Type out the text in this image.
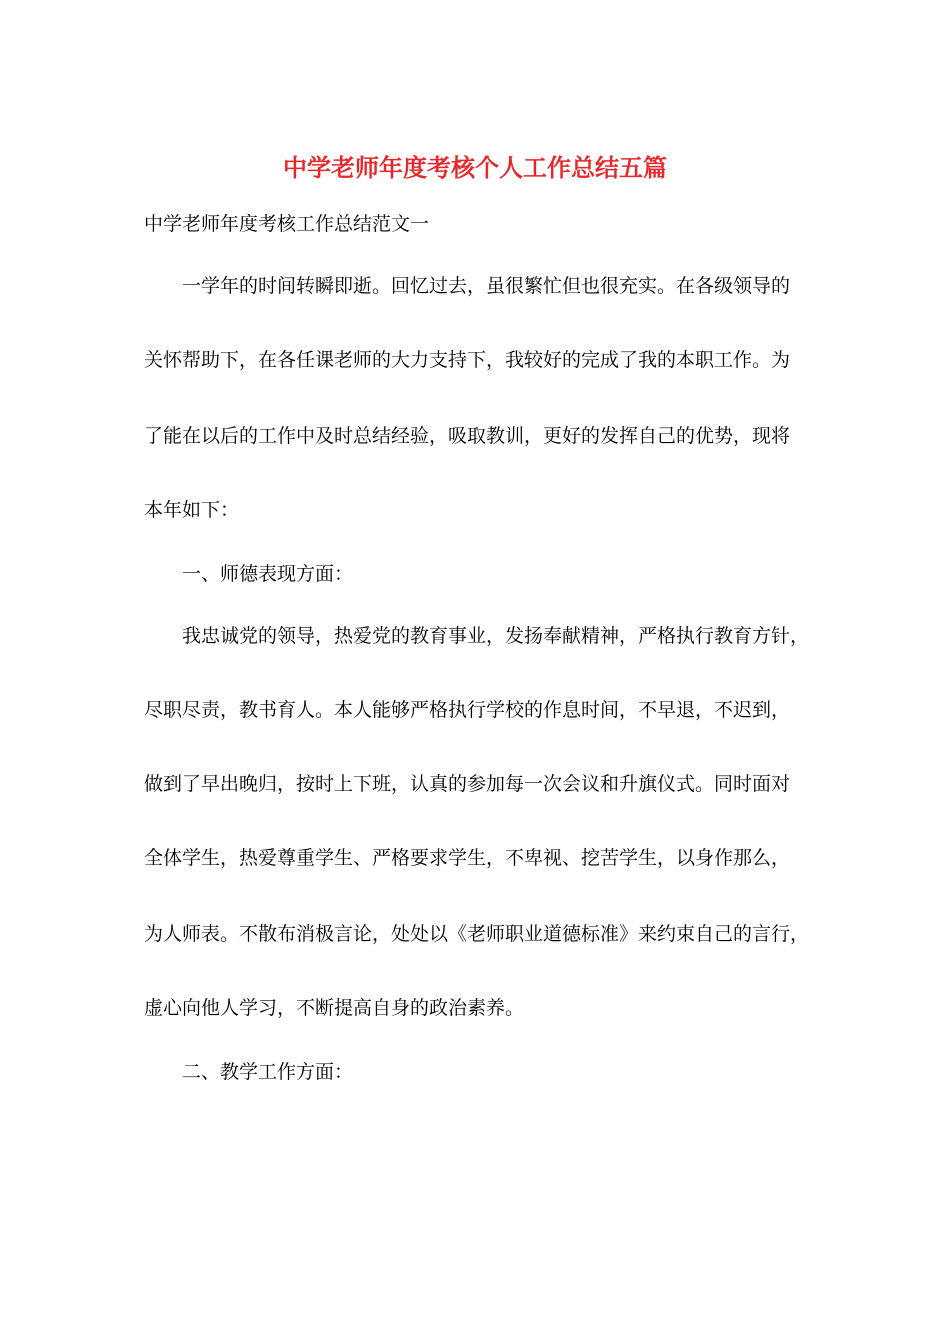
中学老师年度考核个人工作总结五篇
中学老师年度考核工作总结范文一
一学年的时间转瞬即逝。回忆过去，虽很繁忙但也很充实。在各级领导的
关怀帮助下，在各任课老师的大力支持下，我较好的完成了我的本职工作。为
了能在以后的工作中及时总结经验，吸取教训，更好的发挥自己的优势，现将
本年如下：
一、师德表现方面：
我忠诚党的领导，热爱党的教育事业，发扬奉献精神，严格执行教育方针，
尽职尽责，教书育人。本人能够严格执行学校的作息时间，不早退，不迟到，
做到了早出晚归，按时上下班，认真的参加每一次会议和升旗仪式。同时面对
全体学生，热爱尊重学生、严格要求学生，不卑视、挖苦学生，以身作那么，
为人师表。不散布消极言论，处处以《老师职业道德标准》来约束自己的言行，
虚心向他人学习，不断提高自身的政治素养。
二、教学工作方面：
